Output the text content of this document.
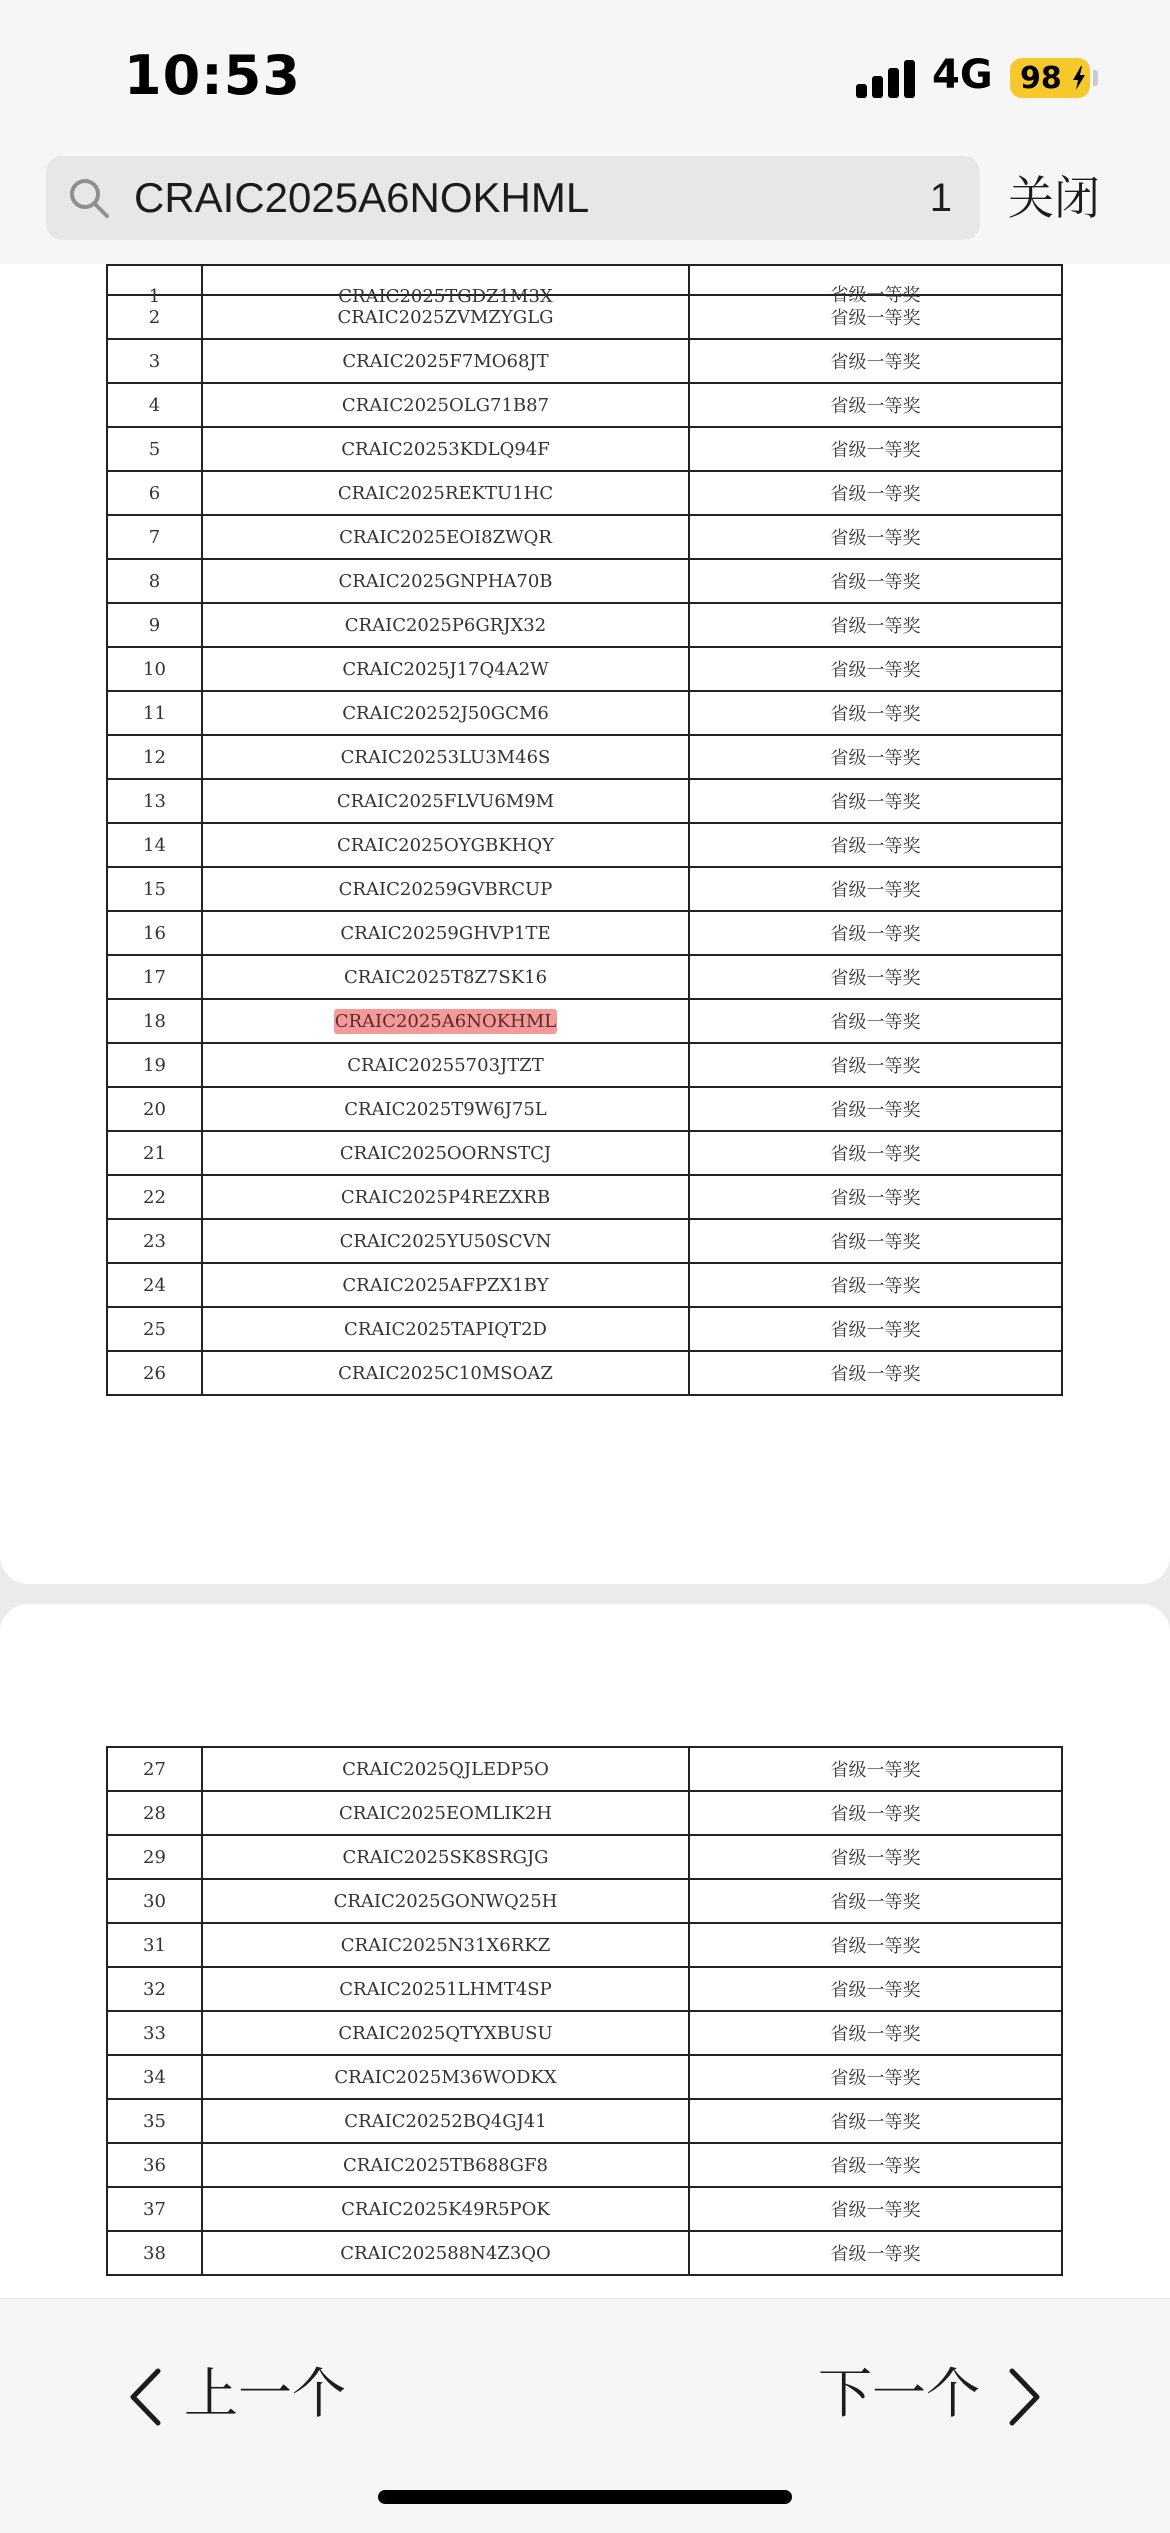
10:53	4G 98
CRAIC2025A6NOKHML
1 关闭
1	CRAIC2025TGDZ1M3X	省级一等奖
2	CRAIC2025ZVMZYGLG	省级一等奖
3	CRAIC2025F7MO68JT	省级一等奖
4	CRAIC2025OLG71B87	省级一等奖
5	CRAIC20253KDLQ94F	省级一等奖
6	CRAIC2025REKTU1HC	省级一等奖
7	CRAIC2025EOI8ZWQR	省级一等奖
8	CRAIC2025GNPHA70B	省级一等奖
9	CRAIC2025P6GRJX32	省级一等奖
10	CRAIC2025J17Q4A2W	省级一等奖
11	CRAIC20252J50GCM6	省级一等奖
12	CRAIC20253LU3M46S	省级一等奖
13	CRAIC2025FLVU6M9M	省级一等奖
14	CRAIC2025OYGBKHQY	省级一等奖
15	CRAIC20259GVBRCUP	省级一等奖
16	CRAIC20259GHVP1TE	省级一等奖
17	CRAIC2025T8Z7SK16	省级一等奖
18	CRAIC2025A6NOKHML	省级一等奖
19	CRAIC20255703JTZT	省级一等奖
20	CRAIC2025T9W6J75L	省级一等奖
21	CRAIC2025OORNSTCJ	省级一等奖
22	CRAIC2025P4REZXRB	省级一等奖
23	CRAIC2025YU50SCVN	省级一等奖
24	CRAIC2025AFPZX1BY	省级一等奖
25	CRAIC2025TAPIQT2D	省级一等奖
26	CRAIC2025C10MSOAZ	省级一等奖
27	CRAIC2025QJLEDP5O	省级一等奖
28	CRAIC2025EOMLIK2H	省级一等奖
29	CRAIC2025SK8SRGJG	省级一等奖
30	CRAIC2025GONWQ25H	省级一等奖
31	CRAIC2025N31X6RKZ	省级一等奖
32	CRAIC20251LHMT4SP	省级一等奖
33	CRAIC2025QTYXBUSU	省级一等奖
34	CRAIC2025M36WODKX	省级一等奖
35	CRAIC20252BQ4GJ41	省级一等奖
36	CRAIC2025TB688GF8	省级一等奖
37	CRAIC2025K49R5POK	省级一等奖
38	CRAIC202588N4Z3QO	省级一等奖
上一个	下一个
